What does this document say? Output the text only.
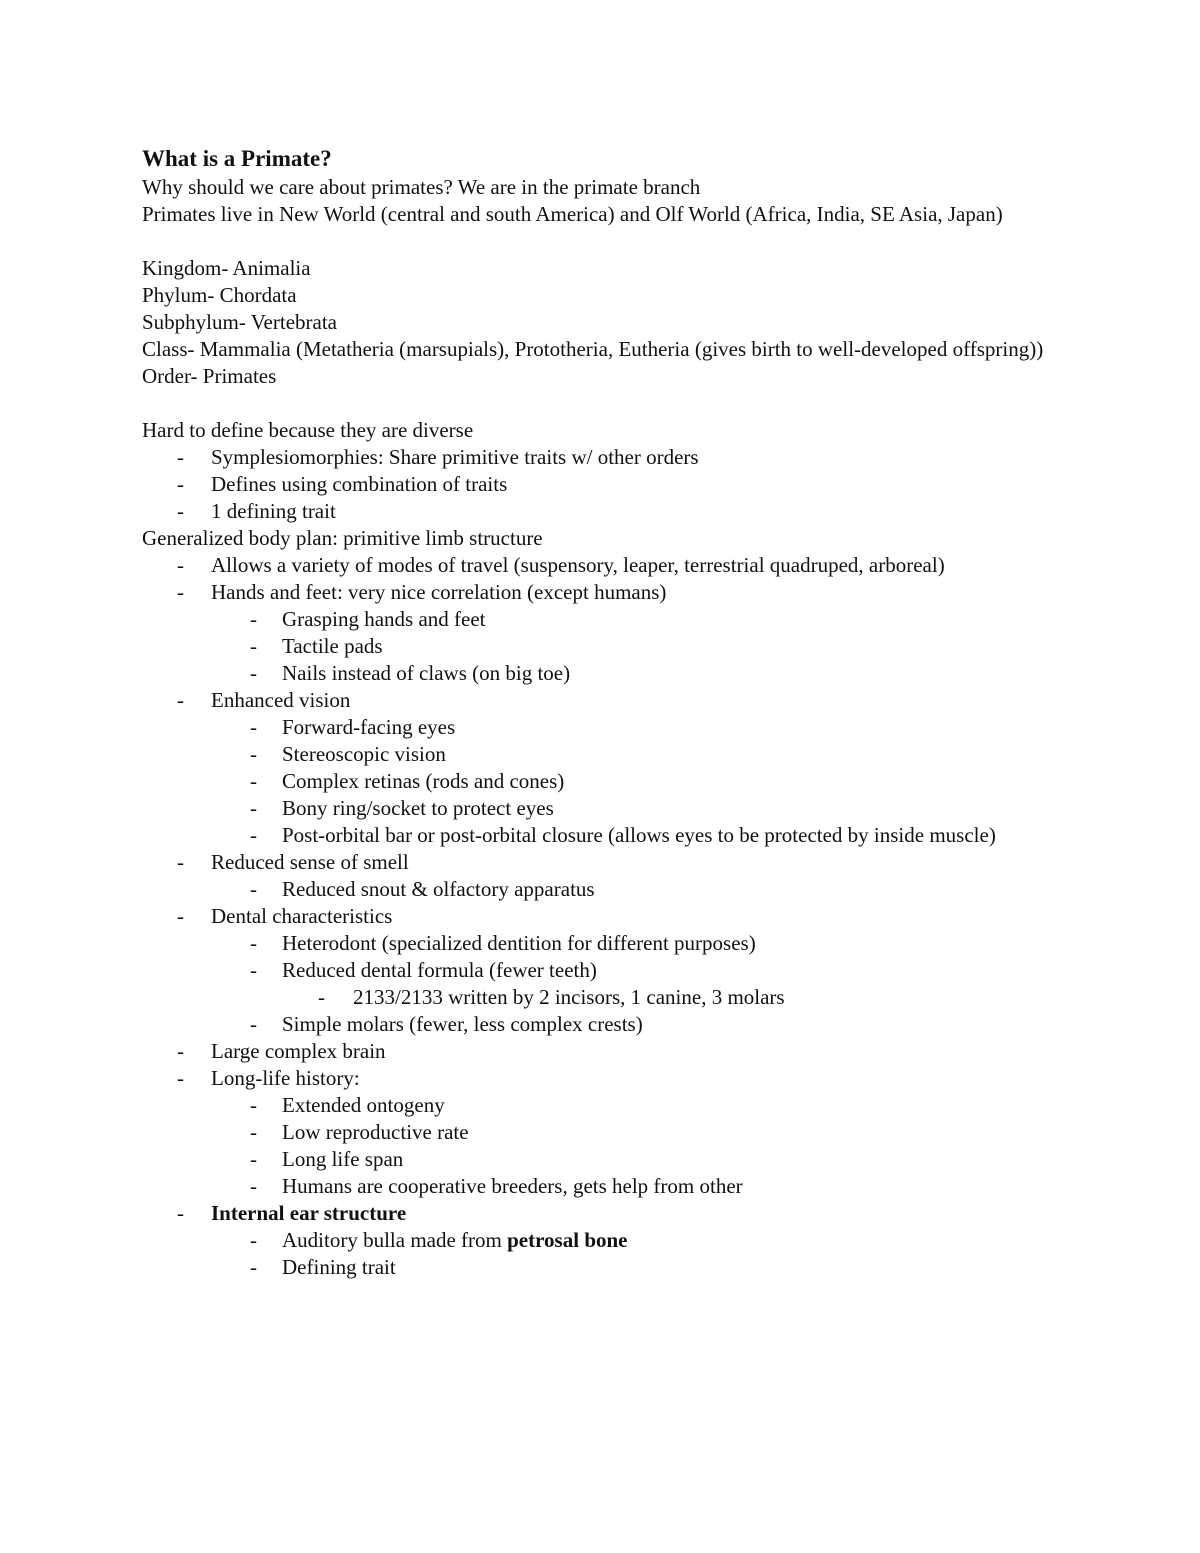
What is a Primate?
Why should we care about primates? We are in the primate branch
Primates live in New World (central and south America) and Olf World (Africa, India, SE Asia, Japan)
Kingdom- Animalia
Phylum- Chordata
Subphylum- Vertebrata
Class- Mammalia (Metatheria (marsupials), Prototheria, Eutheria (gives birth to well-developed offspring))
Order- Primates
Hard to define because they are diverse
- Symplesiomorphies: Share primitive traits w/ other orders
- Defines using combination of traits
- 1 defining trait
Generalized body plan: primitive limb structure
- Allows a variety of modes of travel (suspensory, leaper, terrestrial quadruped, arboreal)
- Hands and feet: very nice correlation (except humans)
- Grasping hands and feet
- Tactile pads
- Nails instead of claws (on big toe)
- Enhanced vision
- Forward-facing eyes
- Stereoscopic vision
- Complex retinas (rods and cones)
- Bony ring/socket to protect eyes
- Post-orbital bar or post-orbital closure (allows eyes to be protected by inside muscle)
- Reduced sense of smell
- Reduced snout & olfactory apparatus
- Dental characteristics
- Heterodont (specialized dentition for different purposes)
- Reduced dental formula (fewer teeth)
- 2133/2133 written by 2 incisors, 1 canine, 3 molars
- Simple molars (fewer, less complex crests)
- Large complex brain
- Long-life history:
- Extended ontogeny
- Low reproductive rate
- Long life span
- Humans are cooperative breeders, gets help from other
- Internal ear structure
- Auditory bulla made from petrosal bone
- Defining trait
